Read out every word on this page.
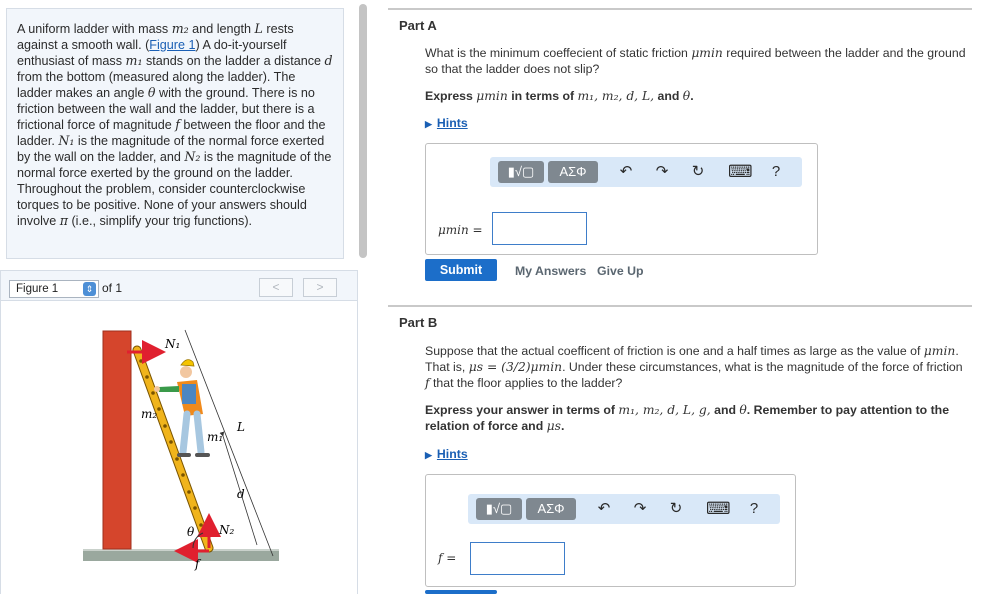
A uniform ladder with mass m₂ and length L rests against a smooth wall. (Figure 1) A do-it-yourself enthusiast of mass m₁ stands on the ladder a distance d from the bottom (measured along the ladder). The ladder makes an angle θ with the ground. There is no friction between the wall and the ladder, but there is a frictional force of magnitude f between the floor and the ladder. N₁ is the magnitude of the normal force exerted by the wall on the ladder, and N₂ is the magnitude of the normal force exerted by the ground on the ladder. Throughout the problem, consider counterclockwise torques to be positive. None of your answers should involve π (i.e., simplify your trig functions).
Figure 1	⇕ of 1	<	>
N₁
N₂
f
θ
L
d
m₂
m₁
Part A
What is the minimum coeffecient of static friction μmin required between the ladder and the ground so that the ladder does not slip?
Express μmin in terms of m₁, m₂, d, L, and θ.
▶ Hints
▮√▢	ΑΣΦ	↶ ↷ ↻ ⌨	?
μmin =
Submit	My Answers Give Up
Part B
Suppose that the actual coefficent of friction is one and a half times as large as the value of μmin. That is, μs = (3/2)μmin. Under these circumstances, what is the magnitude of the force of friction f that the floor applies to the ladder?
Express your answer in terms of m₁, m₂, d, L, g, and θ. Remember to pay attention to the relation of force and μs.
▶ Hints
▮√▢	ΑΣΦ	↶ ↷ ↻ ⌨	?
f =
